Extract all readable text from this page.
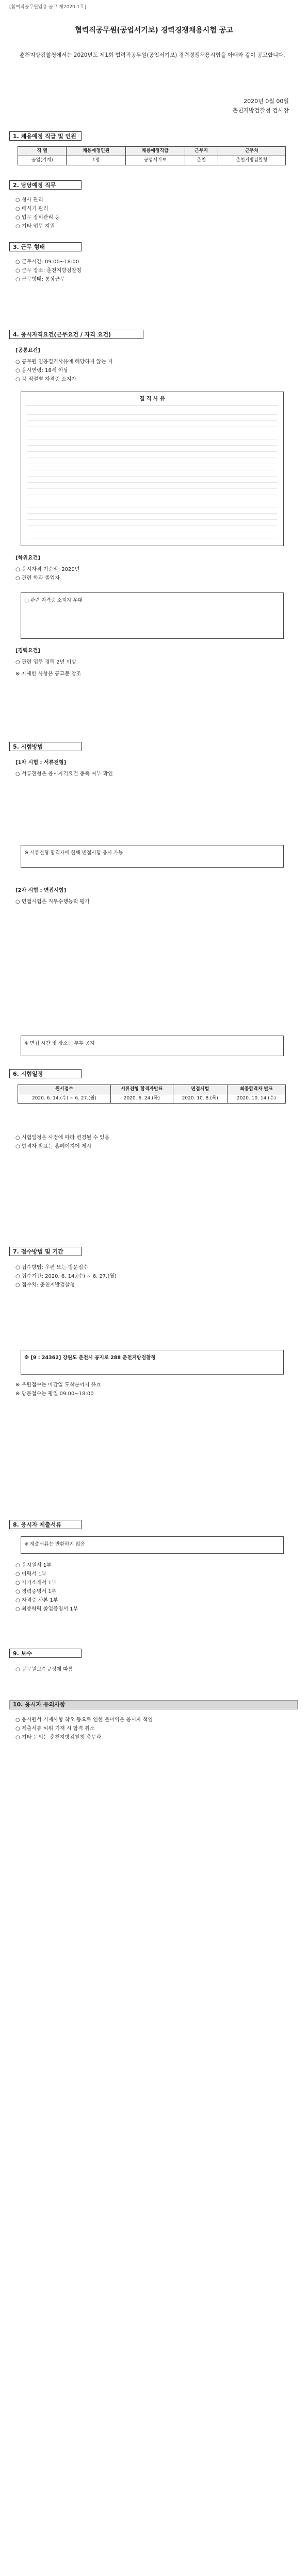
[참여직공무원임용 공고 제2020-1호]
협력직공무원(공업서기보) 경력경쟁채용시험 공고
춘천지방검찰청에서는 2020년도 제1회 협력직공무원(공업서기보) 경력경쟁채용시험을 아래와 같이 공고합니다.
2020년 0월 00일
춘천지방검찰청 검사장
1. 채용예정 직급 및 인원
직 렬	채용예정인원	채용예정직급	근무지	근무처
공업(기계)	1명	공업서기보	춘천	춘천지방검찰청
2. 담당예정 직무
○ 청사 관리
○ 배식기 관리
○ 업무 장비관리 등
○ 기타 업무 지원
3. 근무 형태
○ 근무시간: 09:00~18:00
○ 근무 장소: 춘천지방검찰청
○ 근무형태: 통상근무
4. 응시자격요건(근무요건 / 자격 요건)
[공통요건]
○ 공무원 임용결격사유에 해당하지 않는 자
○ 응시연령: 18세 이상
○ 각 직렬별 자격증 소지자
결 격 사 유
[학위요건]
○ 응시자격 기준일: 2020년
○ 관련 학과 졸업자
□ 관련 자격증 소지자 우대
[경력요건]
○ 관련 업무 경력 2년 이상
※ 자세한 사항은 공고문 참조
5. 시험방법
[1차 시험 : 서류전형]
○ 서류전형은 응시자격요건 충족 여부 확인
※ 서류전형 합격자에 한해 면접시험 응시 가능
[2차 시험 : 면접시험]
○ 면접시험은 직무수행능력 평가
※ 면접 시간 및 장소는 추후 공지
6. 시험일정
원서접수	서류전형 합격자발표	면접시험	최종합격자 발표
2020. 6. 14.(수) ~ 6. 27.(월)	2020. 6. 24.(목)	2020. 10. 8.(목)	2020. 10. 14.(수)
○ 시험일정은 사정에 따라 변경될 수 있음
○ 합격자 발표는 홈페이지에 게시
7. 접수방법 및 기간
○ 접수방법: 우편 또는 방문접수
○ 접수기간: 2020. 6. 14.(수) ~ 6. 27.(월)
○ 접수처: 춘천지방검찰청
※ [9 : 24362] 강원도 춘천시 공지로 288 춘천지방검찰청
※ 우편접수는 마감일 도착분까지 유효
※ 방문접수는 평일 09:00~18:00
8. 응시자 제출서류
※ 제출서류는 반환하지 않음
○ 응시원서 1부
○ 이력서 1부
○ 자기소개서 1부
○ 경력증명서 1부
○ 자격증 사본 1부
○ 최종학력 졸업증명서 1부
9. 보수
○ 공무원보수규정에 따름
10. 응시자 유의사항
○ 응시원서 기재사항 착오 등으로 인한 불이익은 응시자 책임
○ 제출서류 허위 기재 시 합격 취소
○ 기타 문의는 춘천지방검찰청 총무과
